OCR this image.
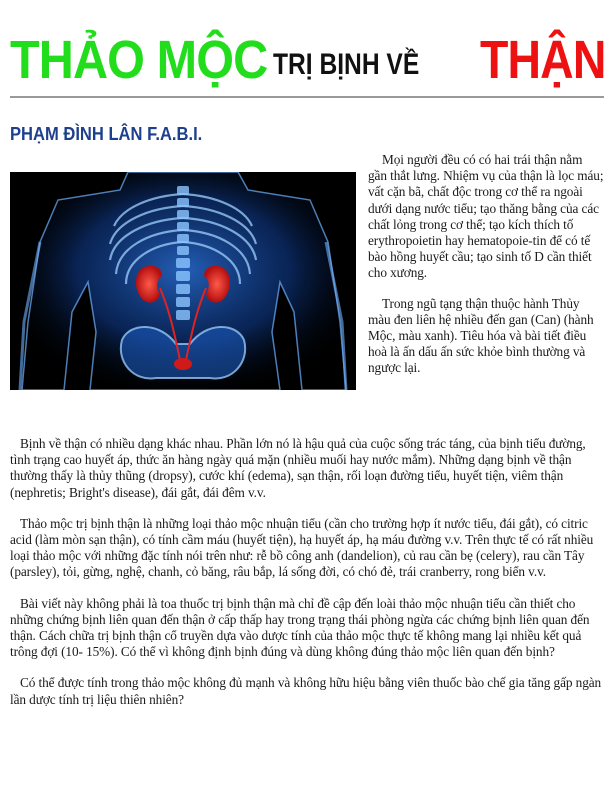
THẢO MỘC TRỊ BỊNH VỀ THẬN
PHẠM ĐÌNH LÂN F.A.B.I.

Mọi người đều có có hai trái thận nằm gần thắt lưng. Nhiệm vụ của thận là lọc máu; vất cặn bã, chất độc trong cơ thể ra ngoài dưới dạng nước tiểu; tạo thăng bằng của các chất lỏng trong cơ thể; tạo kích thích tố erythropoietin hay hematopoie-tin để có tế bào hồng huyết cầu; tạo sinh tố D cần thiết cho xương.

Trong ngũ tạng thận thuộc hành Thủy màu đen liên hệ nhiều đến gan (Can) (hành Mộc, màu xanh). Tiêu hóa và bài tiết điều hoà là ấn dấu ấn sức khỏe bình thường và ngược lại.

Bịnh về thận có nhiều dạng khác nhau. Phần lớn nó là hậu quả của cuộc sống trác táng, của bịnh tiểu đường, tình trạng cao huyết áp, thức ăn hàng ngày quá mặn (nhiều muối hay nước mắm). Những dạng bịnh về thận thường thấy là thủy thũng (dropsy), cước khí (edema), sạn thận, rối loạn đường tiểu, huyết tiện, viêm thận (nephretis; Bright's disease), đái gắt, đái đêm v.v.

Thảo mộc trị bịnh thận là những loại thảo mộc nhuận tiểu (cần cho trường hợp ít nước tiểu, đái gắt), có citric acid (làm mòn sạn thận), có tính cầm máu (huyết tiện), hạ huyết áp, hạ máu đường v.v. Trên thực tế có rất nhiều loại thảo mộc với những đặc tính nói trên như: rễ bồ công anh (dandelion), củ rau cần bẹ (celery), rau cần Tây (parsley), tỏi, gừng, nghệ, chanh, cỏ băng, râu bắp, lá sống đời, có chó đẻ, trái cranberry, rong biển v.v.

Bài viết này không phải là toa thuốc trị bịnh thận mà chỉ đề cập đến loài thảo mộc nhuận tiểu cần thiết cho những chứng bịnh liên quan đến thận ở cấp thấp hay trong trạng thái phòng ngừa các chứng bịnh liên quan đến thận. Cách chữa trị bịnh thận cổ truyền dựa vào dược tính của thảo mộc thực tế không mang lại nhiều kết quả trông đợi (10- 15%). Có thể vì không định bịnh đúng và dùng không đúng thảo mộc liên quan đến bịnh?

Có thể được tính trong thảo mộc không đủ mạnh và không hữu hiệu bằng viên thuốc bào chế gia tăng gấp ngàn lần dược tính trị liệu thiên nhiên?
